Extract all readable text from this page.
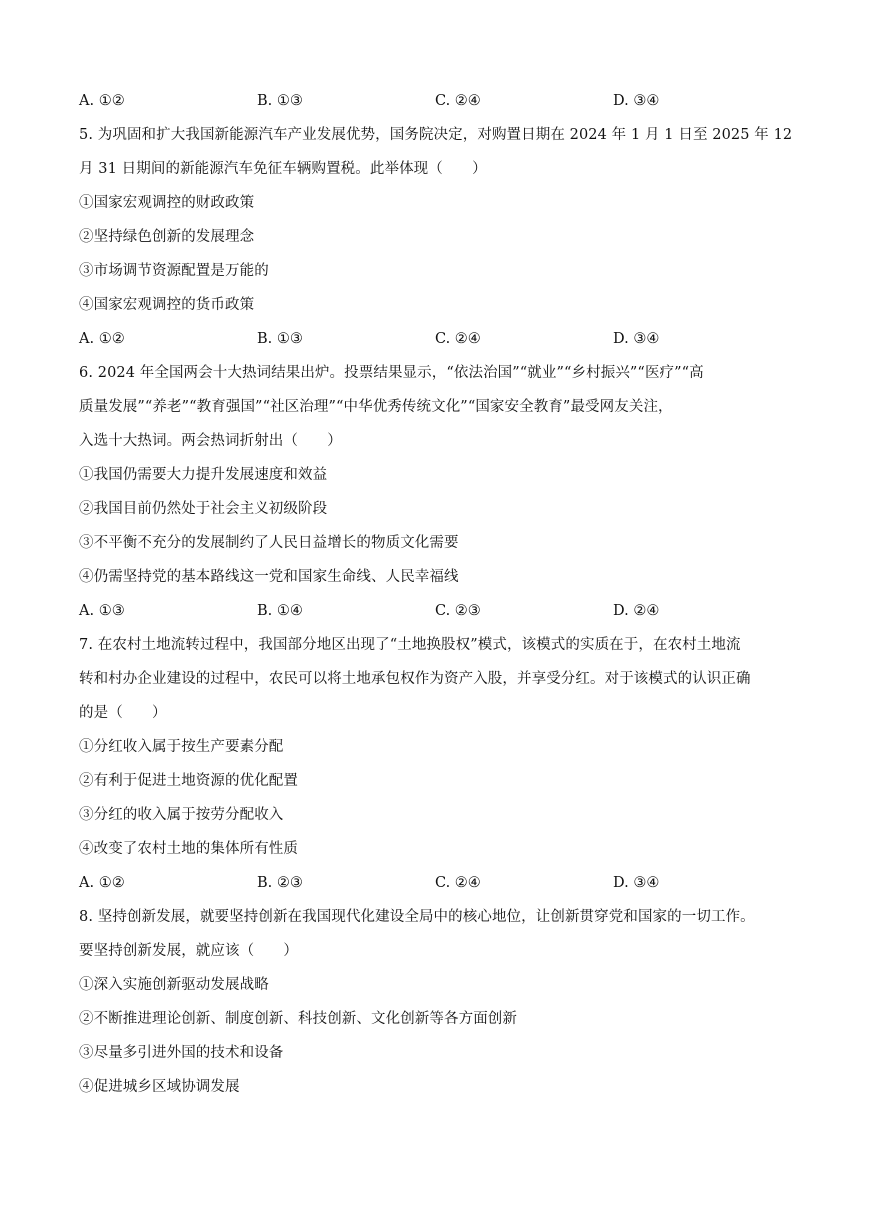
A. ①②	B. ①③	C. ②④	D. ③④
5. 为巩固和扩大我国新能源汽车产业发展优势，国务院决定，对购置日期在 2024 年 1 月 1 日至 2025 年 12
月 31 日期间的新能源汽车免征车辆购置税。此举体现（　　）
①国家宏观调控的财政政策
②坚持绿色创新的发展理念
③市场调节资源配置是万能的
④国家宏观调控的货币政策
A. ①②	B. ①③	C. ②④	D. ③④
6. 2024 年全国两会十大热词结果出炉。投票结果显示，“依法治国”“就业”“乡村振兴”“医疗”“高
质量发展”“养老”“教育强国”“社区治理”“中华优秀传统文化”“国家安全教育”最受网友关注，
入选十大热词。两会热词折射出（　　）
①我国仍需要大力提升发展速度和效益
②我国目前仍然处于社会主义初级阶段
③不平衡不充分的发展制约了人民日益增长的物质文化需要
④仍需坚持党的基本路线这一党和国家生命线、人民幸福线
A. ①③	B. ①④	C. ②③	D. ②④
7. 在农村土地流转过程中，我国部分地区出现了“土地换股权”模式，该模式的实质在于，在农村土地流
转和村办企业建设的过程中，农民可以将土地承包权作为资产入股，并享受分红。对于该模式的认识正确
的是（　　）
①分红收入属于按生产要素分配
②有利于促进土地资源的优化配置
③分红的收入属于按劳分配收入
④改变了农村土地的集体所有性质
A. ①②	B. ②③	C. ②④	D. ③④
8. 坚持创新发展，就要坚持创新在我国现代化建设全局中的核心地位，让创新贯穿党和国家的一切工作。
要坚持创新发展，就应该（　　）
①深入实施创新驱动发展战略
②不断推进理论创新、制度创新、科技创新、文化创新等各方面创新
③尽量多引进外国的技术和设备
④促进城乡区域协调发展
